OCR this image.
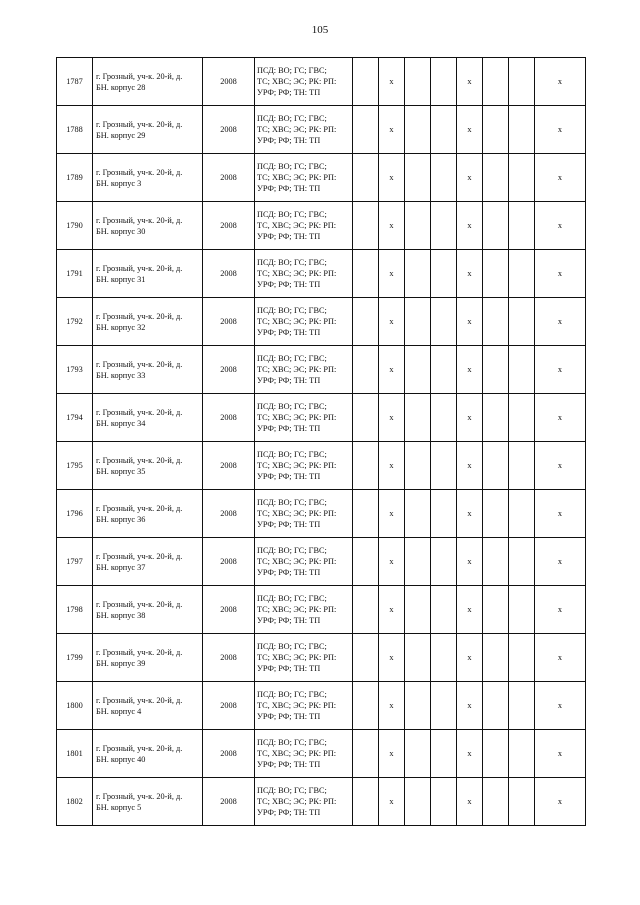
105
1787	г. Грозный, уч-к. 20-й, д.
БН. корпус 28	2008	ПСД: ВО; ГС; ГВС;
ТС; ХВС; ЭС; РК: РП:
УРФ; РФ; ТН: ТП		x			x			x
1788	г. Грозный, уч-к. 20-й, д.
БН. корпус 29	2008	ПСД: ВО; ГС; ГВС;
ТС; ХВС; ЭС; РК: РП:
УРФ; РФ; ТН: ТП		x			x			x
1789	г. Грозный, уч-к. 20-й, д.
БН. корпус 3	2008	ПСД: ВО; ГС; ГВС;
ТС; ХВС; ЭС; РК: РП:
УРФ; РФ; ТН: ТП		x			x			x
1790	г. Грозный, уч-к. 20-й, д.
БН. корпус 30	2008	ПСД: ВО; ГС; ГВС;
ТС, ХВС; ЭС; РК: РП:
УРФ; РФ; ТН: ТП		x			x			x
1791	г. Грозный, уч-к. 20-й, д.
БН. корпус 31	2008	ПСД: ВО; ГС; ГВС;
ТС; ХВС; ЭС; РК: РП:
УРФ; РФ; ТН: ТП		x			x			x
1792	г. Грозный, уч-к. 20-й, д.
БН. корпус 32	2008	ПСД: ВО; ГС; ГВС;
ТС; ХВС; ЭС; РК: РП:
УРФ; РФ; ТН: ТП		x			x			x
1793	г. Грозный, уч-к. 20-й, д.
БН. корпус 33	2008	ПСД: ВО; ГС; ГВС;
ТС; ХВС; ЭС; РК: РП:
УРФ; РФ; ТН: ТП		x			x			x
1794	г. Грозный, уч-к. 20-й, д.
БН. корпус 34	2008	ПСД: ВО; ГС; ГВС;
ТС; ХВС; ЭС; РК: РП:
УРФ; РФ; ТН: ТП		x			x			x
1795	г. Грозный, уч-к. 20-й, д.
БН. корпус 35	2008	ПСД: ВО; ГС; ГВС;
ТС; ХВС; ЭС; РК: РП:
УРФ; РФ; ТН: ТП		x			x			x
1796	г. Грозный, уч-к. 20-й, д.
БН. корпус 36	2008	ПСД: ВО; ГС; ГВС;
ТС; ХВС; ЭС; РК: РП:
УРФ; РФ; ТН: ТП		x			x			x
1797	г. Грозный, уч-к. 20-й, д.
БН. корпус 37	2008	ПСД: ВО; ГС; ГВС;
ТС; ХВС; ЭС; РК: РП:
УРФ; РФ; ТН: ТП		x			x			x
1798	г. Грозный, уч-к. 20-й, д.
БН. корпус 38	2008	ПСД: ВО; ГС; ГВС;
ТС; ХВС; ЭС; РК: РП:
УРФ; РФ; ТН: ТП		x			x			x
1799	г. Грозный, уч-к. 20-й, д.
БН. корпус 39	2008	ПСД: ВО; ГС; ГВС;
ТС; ХВС; ЭС; РК: РП:
УРФ; РФ; ТН: ТП		x			x			x
1800	г. Грозный, уч-к. 20-й, д.
БН. корпус 4	2008	ПСД: ВО; ГС; ГВС;
ТС, ХВС; ЭС; РК: РП:
УРФ; РФ; ТН: ТП		x			x			x
1801	г. Грозный, уч-к. 20-й, д.
БН. корпус 40	2008	ПСД: ВО; ГС; ГВС;
ТС, ХВС; ЭС; РК: РП:
УРФ; РФ; ТН: ТП		x			x			x
1802	г. Грозный, уч-к. 20-й, д.
БН. корпус 5	2008	ПСД: ВО; ГС; ГВС;
ТС; ХВС; ЭС; РК: РП:
УРФ; РФ; ТН: ТП		x			x			x
